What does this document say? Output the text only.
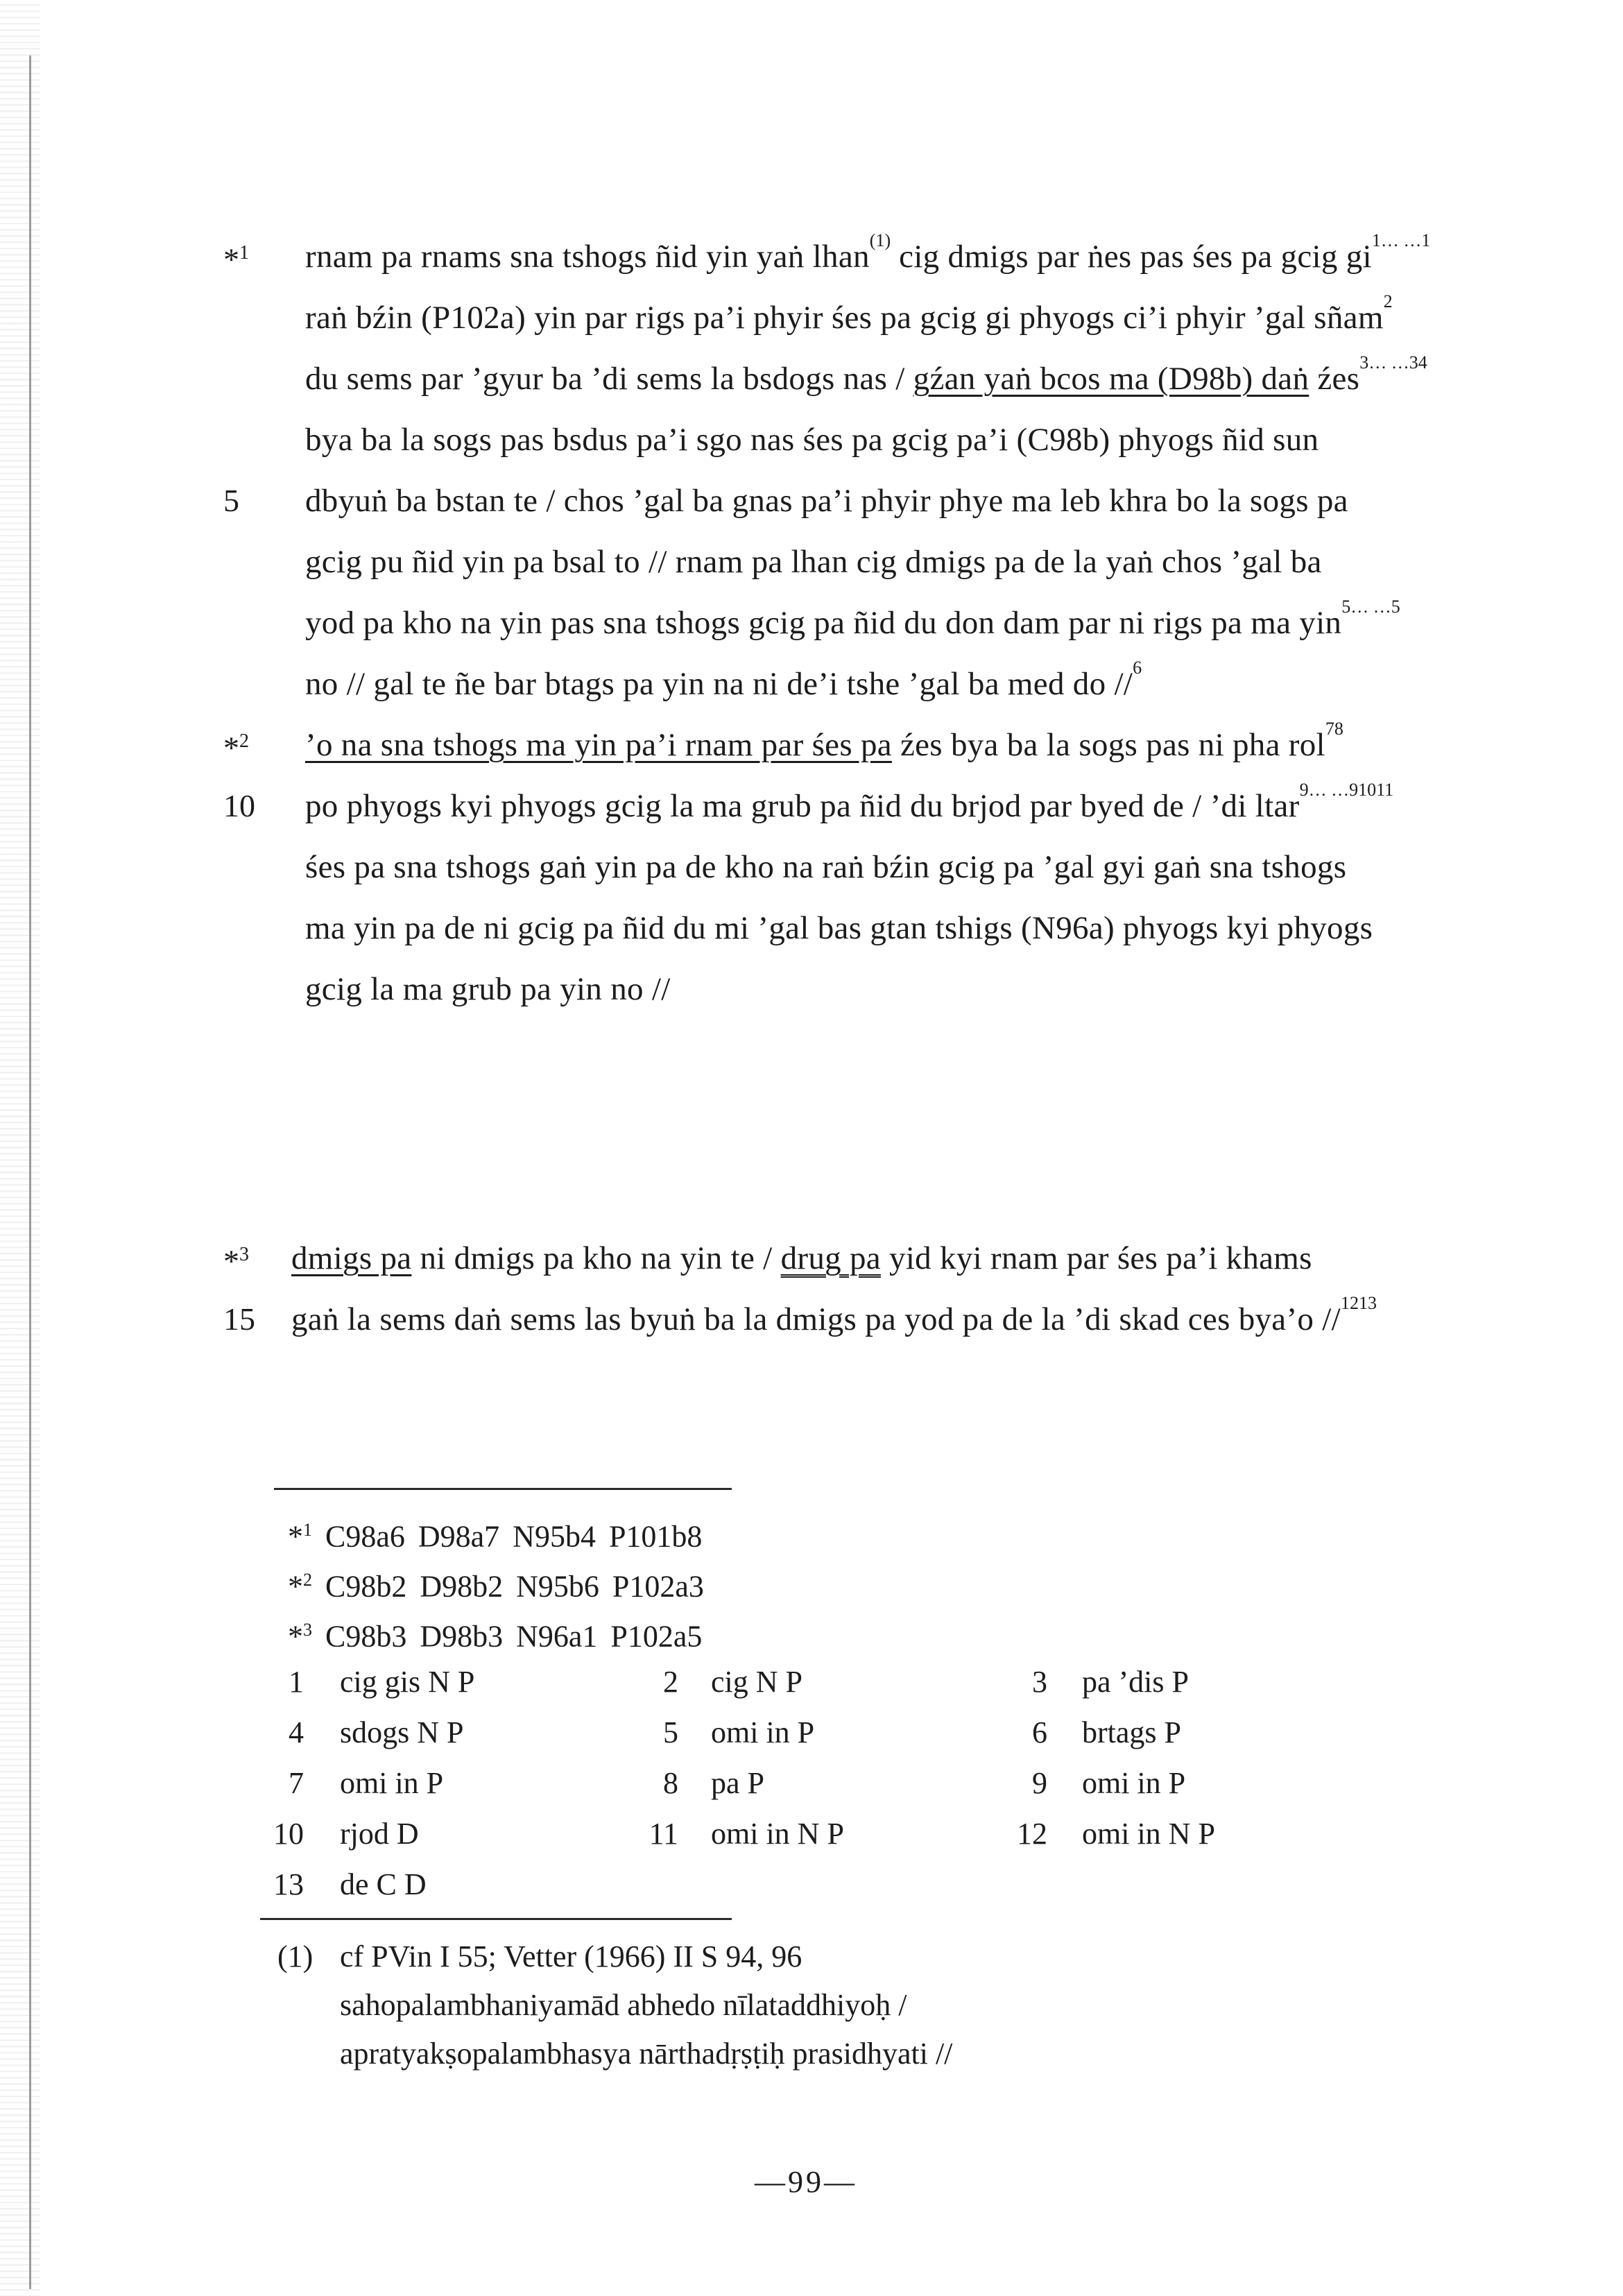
*$^1$ rnam pa rnams sna tshogs ñid yin yaṅ lhan$^{(1)}$ cig dmigs par ṅes pas śes pa gcig gi$^{1\dots \dots 1}$
raṅ bźin (P102a) yin par rigs pa’i phyir śes pa gcig gi phyogs ci’i phyir ’gal sñam$^2$
du sems par ’gyur ba ’di sems la bsdogs nas / gźan yaṅ bcos ma (D98b) daṅ źes$^{3\dots \dots 34}$
bya ba la sogs pas bsdus pa’i sgo nas śes pa gcig pa’i (C98b) phyogs ñid sun
5 dbyuṅ ba bstan te / chos ’gal ba gnas pa’i phyir phye ma leb khra bo la sogs pa
gcig pu ñid yin pa bsal to // rnam pa lhan cig dmigs pa de la yaṅ chos ’gal ba
yod pa kho na yin pas sna tshogs gcig pa ñid du don dam par ni rigs pa ma yin$^{5\dots \dots 5}$
no // gal te ñe bar btags pa yin na ni de’i tshe ’gal ba med do //$^6$
*$^2$ ’o na sna tshogs ma yin pa’i rnam par śes pa źes bya ba la sogs pas ni pha rol$^{78}$
10 po phyogs kyi phyogs gcig la ma grub pa ñid du brjod par byed de / ’di ltar$^{9\dots \dots 91011}$
śes pa sna tshogs gaṅ yin pa de kho na raṅ bźin gcig pa ’gal gyi gaṅ sna tshogs
ma yin pa de ni gcig pa ñid du mi ’gal bas gtan tshigs (N96a) phyogs kyi phyogs
gcig la ma grub pa yin no //
*$^3$ dmigs pa ni dmigs pa kho na yin te / drug pa yid kyi rnam par śes pa’i khams
15 gaṅ la sems daṅ sems las byuṅ ba la dmigs pa yod pa de la ’di skad ces bya’o //$^{1213}$
*$^1$ C98a6 D98a7 N95b4 P101b8
*$^2$ C98b2 D98b2 N95b6 P102a3
*$^3$ C98b3 D98b3 N96a1 P102a5
1 cig gis N P	2 cig N P	3 pa ’dis P
4 sdogs N P	5 omi in P	6 brtags P
7 omi in P	8 pa P	9 omi in P
10 rjod D	11 omi in N P	12 omi in N P
13 de C D
(1) cf PVin I 55; Vetter (1966) II S 94, 96
sahopalambhaniyamād abhedo nīlataddhiyoḥ /
apratyakṣopalambhasya nārthadṛṣṭiḥ prasidhyati //
—99—
